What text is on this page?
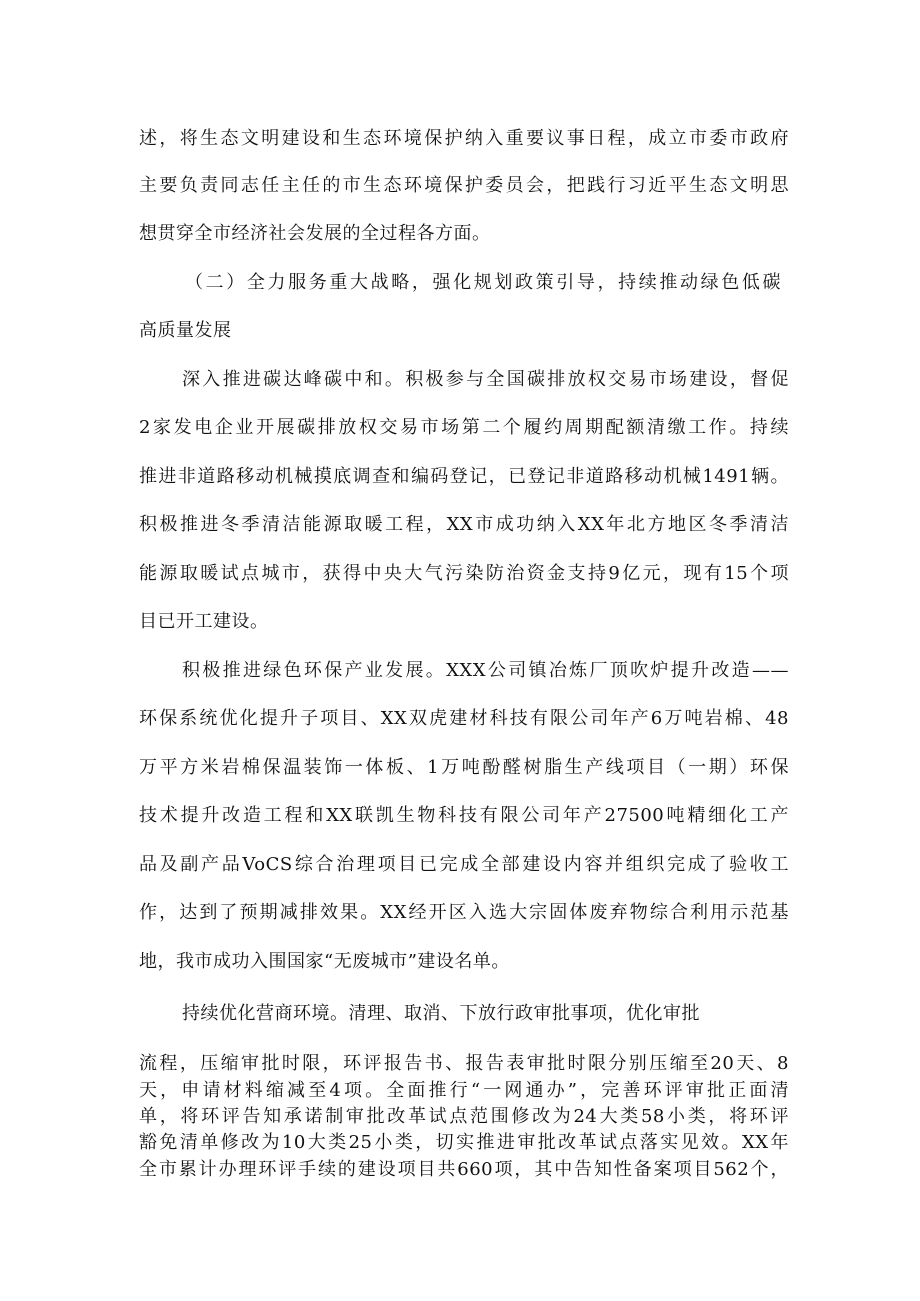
述，将生态文明建设和生态环境保护纳入重要议事日程，成立市委市政府
主要负责同志任主任的市生态环境保护委员会，把践行习近平生态文明思
想贯穿全市经济社会发展的全过程各方面。
（二）全力服务重大战略，强化规划政策引导，持续推动绿色低碳
高质量发展
深入推进碳达峰碳中和。积极参与全国碳排放权交易市场建设，督促
2家发电企业开展碳排放权交易市场第二个履约周期配额清缴工作。持续
推进非道路移动机械摸底调查和编码登记，已登记非道路移动机械1491辆。
积极推进冬季清洁能源取暖工程，XX市成功纳入XX年北方地区冬季清洁
能源取暖试点城市，获得中央大气污染防治资金支持9亿元，现有15个项
目已开工建设。
积极推进绿色环保产业发展。XXX公司镇冶炼厂顶吹炉提升改造——
环保系统优化提升子项目、XX双虎建材科技有限公司年产6万吨岩棉、48
万平方米岩棉保温装饰一体板、1万吨酚醛树脂生产线项目（一期）环保
技术提升改造工程和XX联凯生物科技有限公司年产27500吨精细化工产
品及副产品VoCS综合治理项目已完成全部建设内容并组织完成了验收工
作，达到了预期减排效果。XX经开区入选大宗固体废弃物综合利用示范基
地，我市成功入围国家“无废城市”建设名单。
持续优化营商环境。清理、取消、下放行政审批事项，优化审批
流程，压缩审批时限，环评报告书、报告表审批时限分别压缩至20天、8
天，申请材料缩减至4项。全面推行“一网通办”，完善环评审批正面清
单，将环评告知承诺制审批改革试点范围修改为24大类58小类，将环评
豁免清单修改为10大类25小类，切实推进审批改革试点落实见效。XX年
全市累计办理环评手续的建设项目共660项，其中告知性备案项目562个，
